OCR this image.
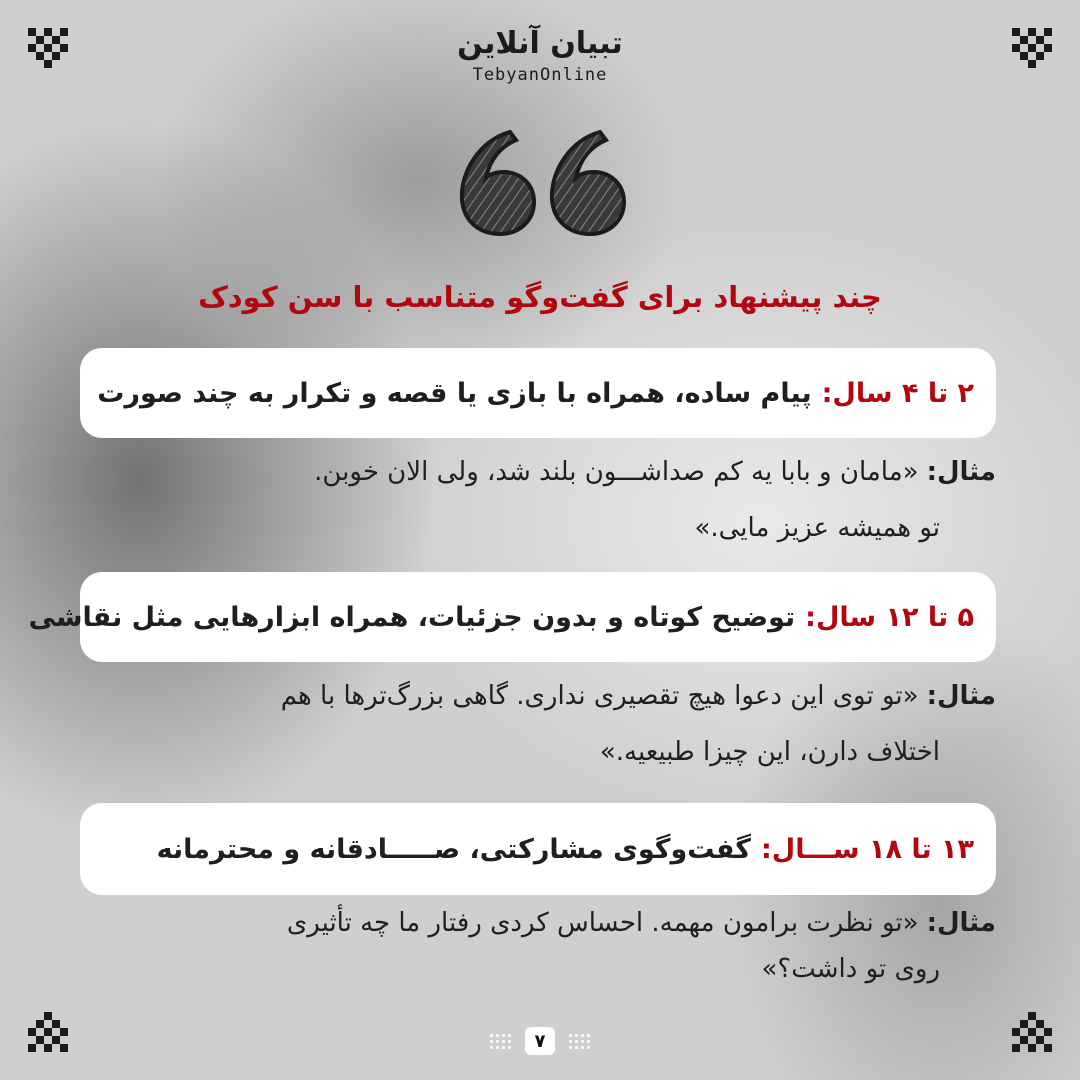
تبیان آنلاین
TebyanOnline
چند پیشنهاد برای گفت‌وگو متناسب با سن کودک
۲ تا ۴ سال:
پیام ساده، همراه با بازی یا قصه و تکرار به چند صورت
مثال:«مامان و بابا یه کم صداشـــون بلند شد، ولی الان خوبن.
تو همیشه عزیز مایی.»
۵ تا ۱۲ سال:
توضیح کوتاه و بدون جزئیات، همراه ابزارهایی مثل نقاشی
مثال:«تو توی این دعوا هیچ تقصیری نداری. گاهی بزرگ‌ترها با هم
اختلاف دارن، این چیزا طبیعیه.»
۱۳ تا ۱۸ ســـال:
گفت‌وگوی مشارکتی، صـــــادقانه و محترمانه
مثال:«تو نظرت برامون مهمه. احساس کردی رفتار ما چه تأثیری
روی تو داشت؟»
۷
